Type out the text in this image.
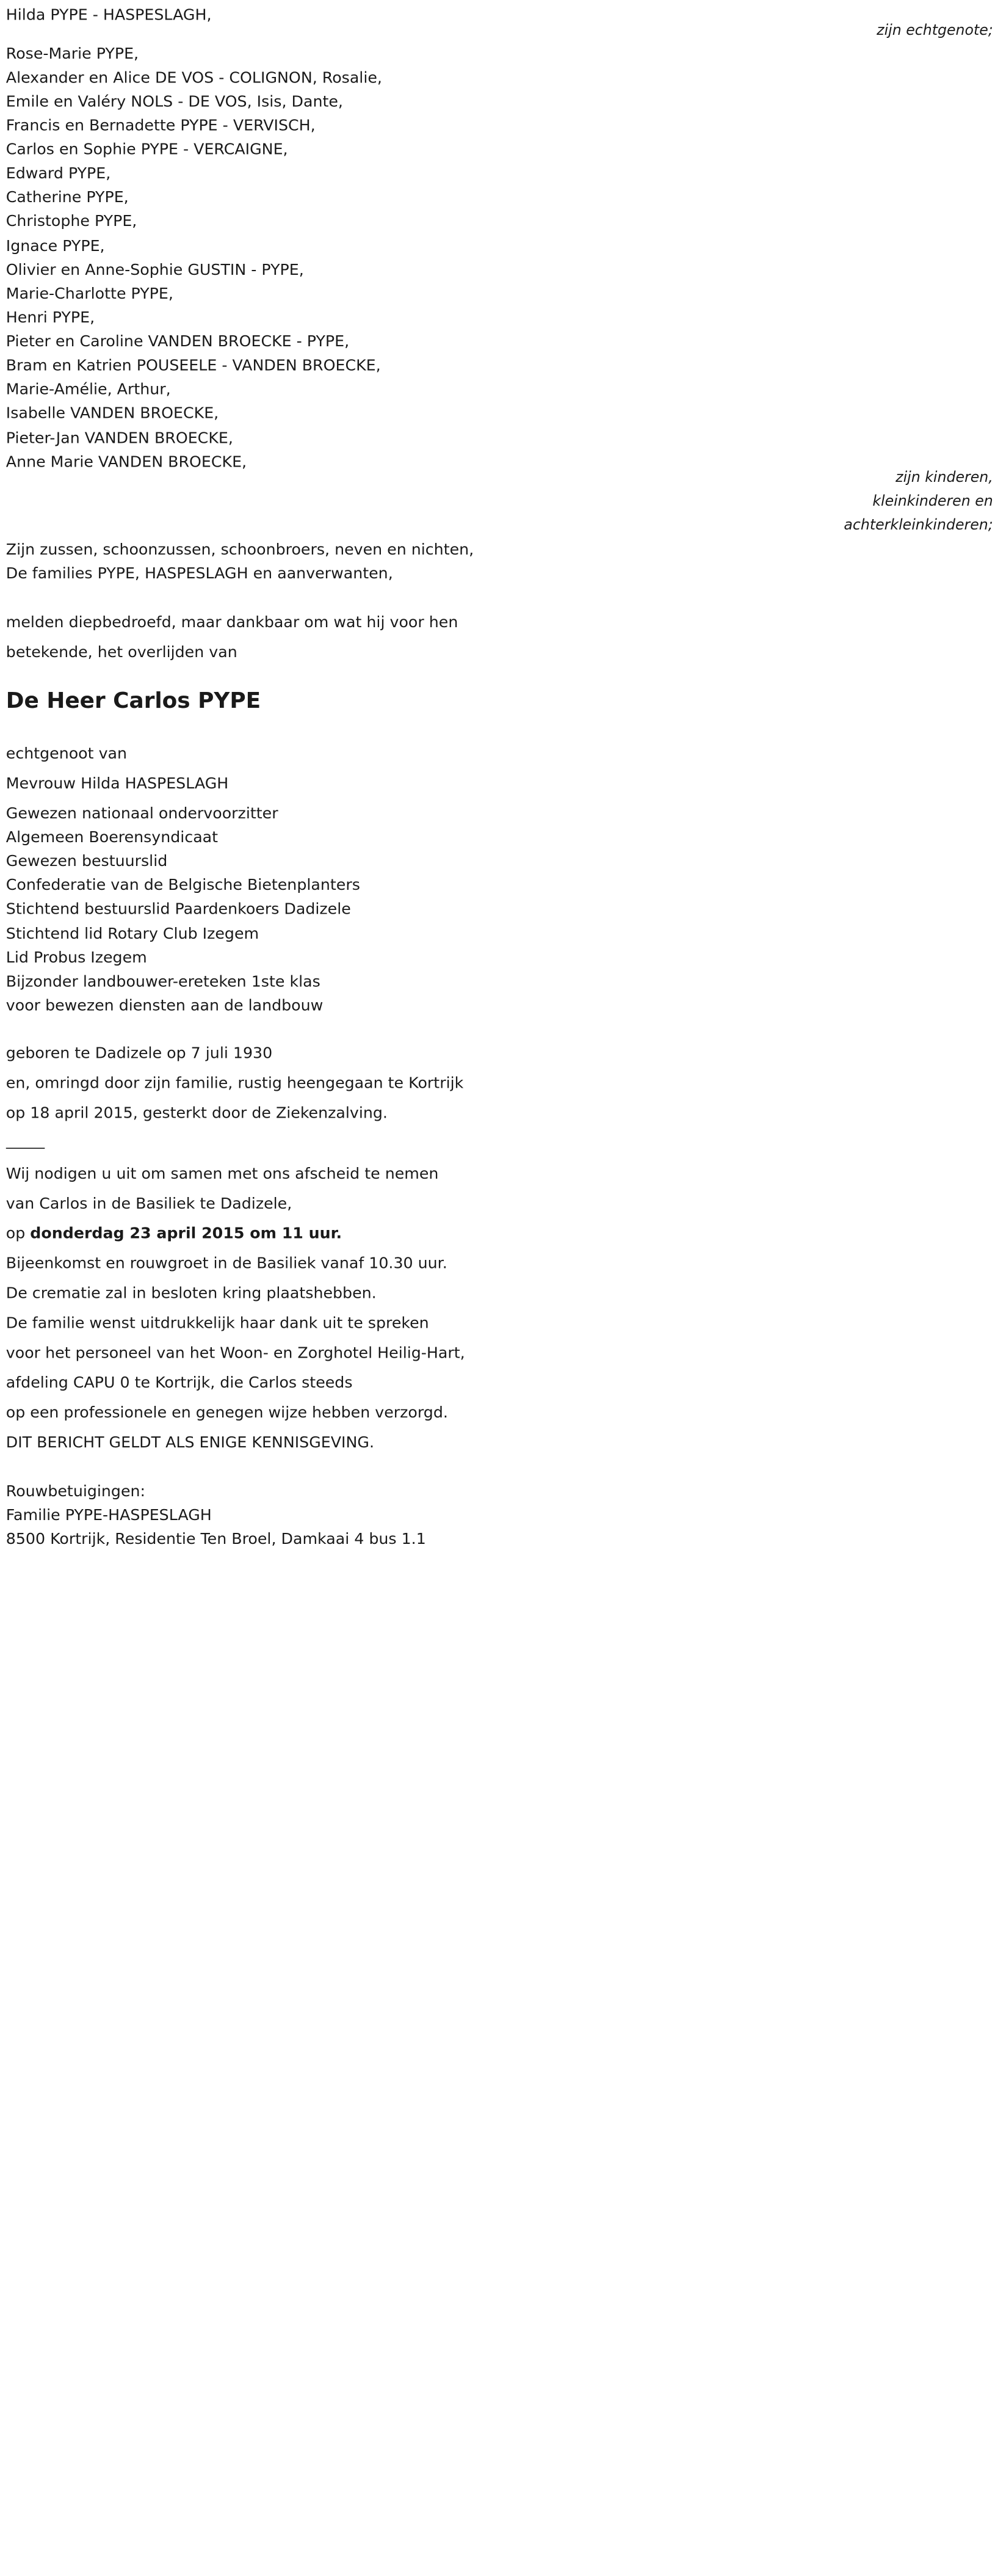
Hilda PYPE - HASPESLAGH,
zijn echtgenote;
Rose-Marie PYPE,
Alexander en Alice DE VOS - COLIGNON, Rosalie,
Emile en Valéry NOLS - DE VOS, Isis, Dante,
Francis en Bernadette PYPE - VERVISCH,
Carlos en Sophie PYPE - VERCAIGNE,
Edward PYPE,
Catherine PYPE,
Christophe PYPE,
Ignace PYPE,
Olivier en Anne-Sophie GUSTIN - PYPE,
Marie-Charlotte PYPE,
Henri PYPE,
Pieter en Caroline VANDEN BROECKE - PYPE,
Bram en Katrien POUSEELE - VANDEN BROECKE,
Marie-Amélie, Arthur,
Isabelle VANDEN BROECKE,
Pieter-Jan VANDEN BROECKE,
Anne Marie VANDEN BROECKE,
zijn kinderen,
kleinkinderen en
achterkleinkinderen;
Zijn zussen, schoonzussen, schoonbroers, neven en nichten,
De families PYPE, HASPESLAGH en aanverwanten,
melden diepbedroefd, maar dankbaar om wat hij voor hen
betekende, het overlijden van
De Heer Carlos PYPE
echtgenoot van
Mevrouw Hilda HASPESLAGH
Gewezen nationaal ondervoorzitter
Algemeen Boerensyndicaat
Gewezen bestuurslid
Confederatie van de Belgische Bietenplanters
Stichtend bestuurslid Paardenkoers Dadizele
Stichtend lid Rotary Club Izegem
Lid Probus Izegem
Bijzonder landbouwer-ereteken 1ste klas
voor bewezen diensten aan de landbouw
geboren te Dadizele op 7 juli 1930
en, omringd door zijn familie, rustig heengegaan te Kortrijk
op 18 april 2015, gesterkt door de Ziekenzalving.
Wij nodigen u uit om samen met ons afscheid te nemen
van Carlos in de Basiliek te Dadizele,
op donderdag 23 april 2015 om 11 uur.
Bijeenkomst en rouwgroet in de Basiliek vanaf 10.30 uur.
De crematie zal in besloten kring plaatshebben.
De familie wenst uitdrukkelijk haar dank uit te spreken
voor het personeel van het Woon- en Zorghotel Heilig-Hart,
afdeling CAPU 0 te Kortrijk, die Carlos steeds
op een professionele en genegen wijze hebben verzorgd.
DIT BERICHT GELDT ALS ENIGE KENNISGEVING.
Rouwbetuigingen:
Familie PYPE-HASPESLAGH
8500 Kortrijk, Residentie Ten Broel, Damkaai 4 bus 1.1
